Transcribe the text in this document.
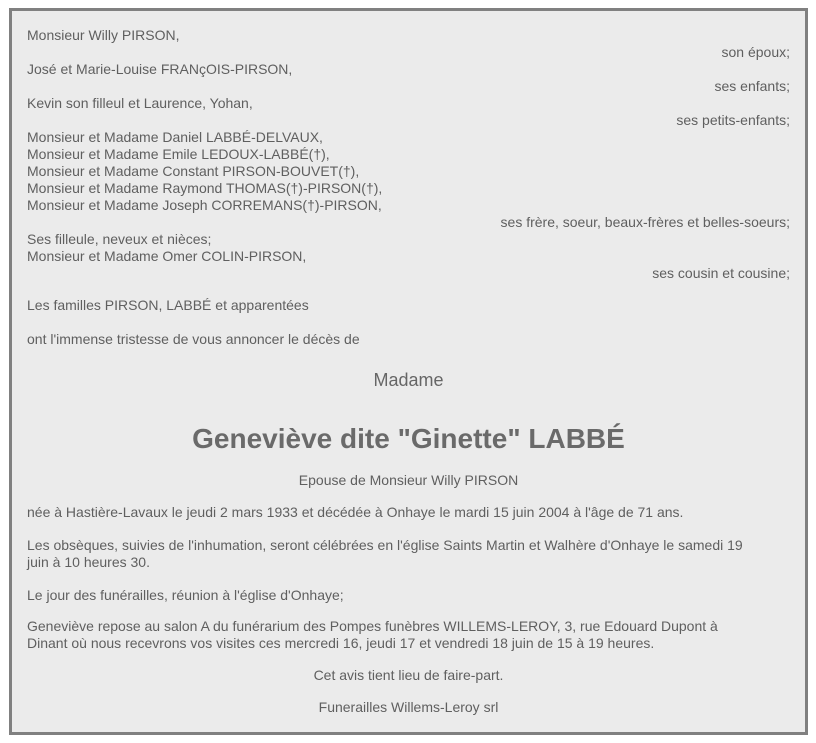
Monsieur Willy PIRSON,
son époux;
José et Marie-Louise FRANçOIS-PIRSON,
ses enfants;
Kevin son filleul et Laurence, Yohan,
ses petits-enfants;
Monsieur et Madame Daniel LABBÉ-DELVAUX,
Monsieur et Madame Emile LEDOUX-LABBÉ(†),
Monsieur et Madame Constant PIRSON-BOUVET(†),
Monsieur et Madame Raymond THOMAS(†)-PIRSON(†),
Monsieur et Madame Joseph CORREMANS(†)-PIRSON,
ses frère, soeur, beaux-frères et belles-soeurs;
Ses filleule, neveux et nièces;
Monsieur et Madame Omer COLIN-PIRSON,
ses cousin et cousine;
Les familles PIRSON, LABBÉ et apparentées
ont l'immense tristesse de vous annoncer le décès de
Madame
Geneviève dite "Ginette" LABBÉ
Epouse de Monsieur Willy PIRSON
née à Hastière-Lavaux le jeudi 2 mars 1933 et décédée à Onhaye le mardi 15 juin 2004 à l'âge de 71 ans.
Les obsèques, suivies de l'inhumation, seront célébrées en l'église Saints Martin et Walhère d'Onhaye le samedi 19 juin à 10 heures 30.
Le jour des funérailles, réunion à l'église d'Onhaye;
Geneviève repose au salon A du funérarium des Pompes funèbres WILLEMS-LEROY, 3, rue Edouard Dupont à Dinant où nous recevrons vos visites ces mercredi 16, jeudi 17 et vendredi 18 juin de 15 à 19 heures.
Cet avis tient lieu de faire-part.
Funerailles Willems-Leroy srl
